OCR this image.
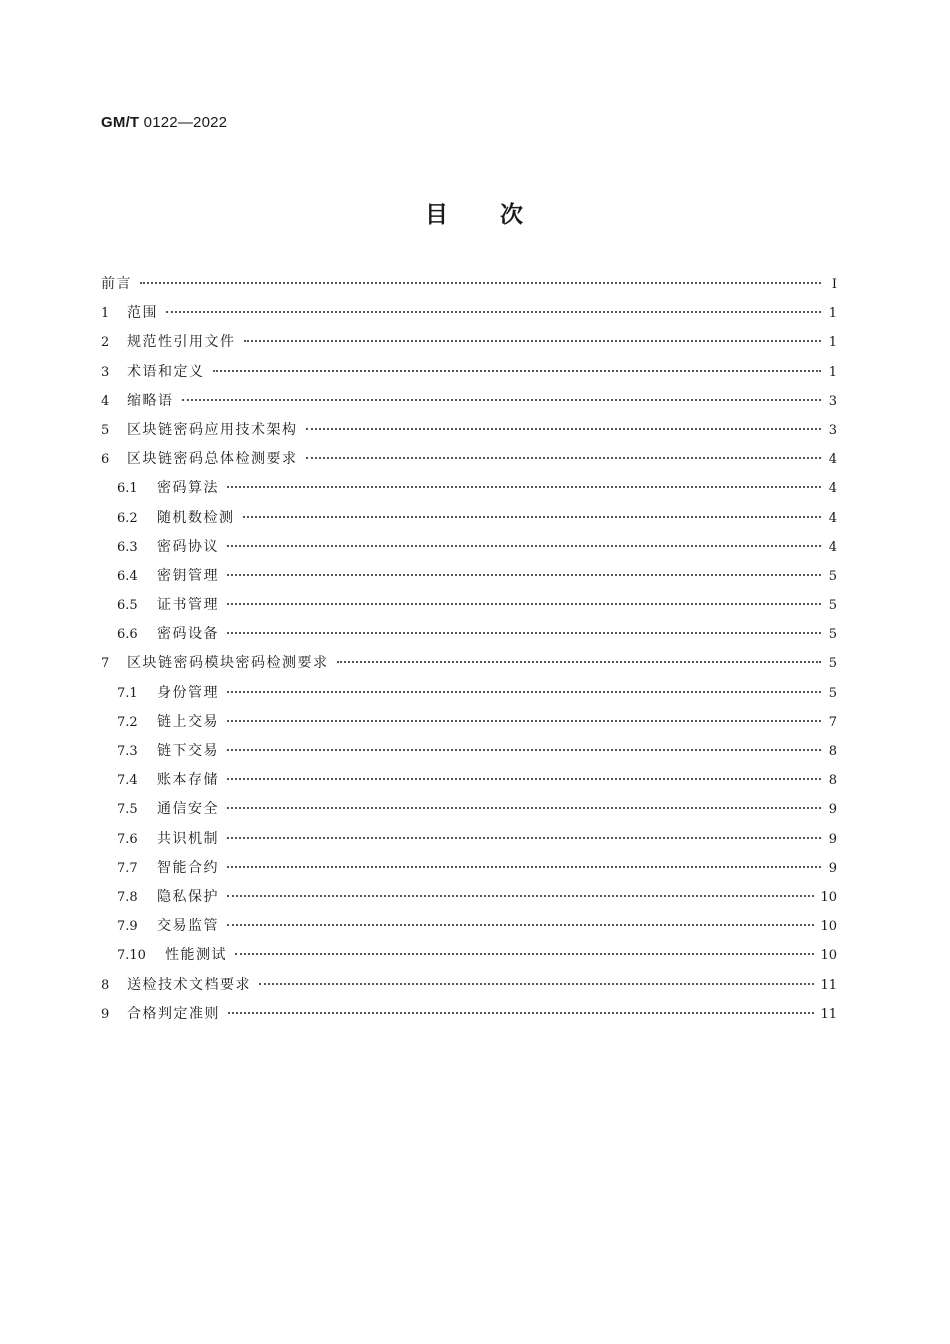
GM/T 0122—2022
目　　次
前言	Ⅰ
1	范围	1
2	规范性引用文件	1
3	术语和定义	1
4	缩略语	3
5	区块链密码应用技术架构	3
6	区块链密码总体检测要求	4
6.1	密码算法	4
6.2	随机数检测	4
6.3	密码协议	4
6.4	密钥管理	5
6.5	证书管理	5
6.6	密码设备	5
7	区块链密码模块密码检测要求	5
7.1	身份管理	5
7.2	链上交易	7
7.3	链下交易	8
7.4	账本存储	8
7.5	通信安全	9
7.6	共识机制	9
7.7	智能合约	9
7.8	隐私保护	10
7.9	交易监管	10
7.10	性能测试	10
8	送检技术文档要求	11
9	合格判定准则	11
